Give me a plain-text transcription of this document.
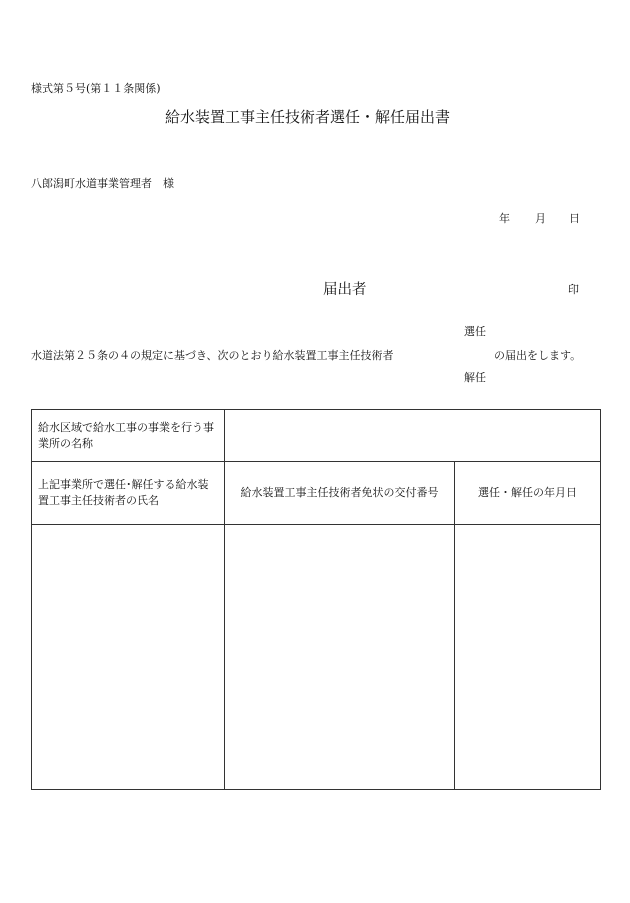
様式第５号(第１１条関係)
給水装置工事主任技術者選任・解任届出書
八郎潟町水道事業管理者　様
年 月 日
届出者	印
選任
水道法第２５条の４の規定に基づき、次のとおり給水装置工事主任技術者	の届出をします。
解任
給水区域で給水工事の事業を行う事業所の名称		
上記事業所で選任･解任する給水装置工事主任技術者の氏名	給水装置工事主任技術者免状の交付番号	選任・解任の年月日
